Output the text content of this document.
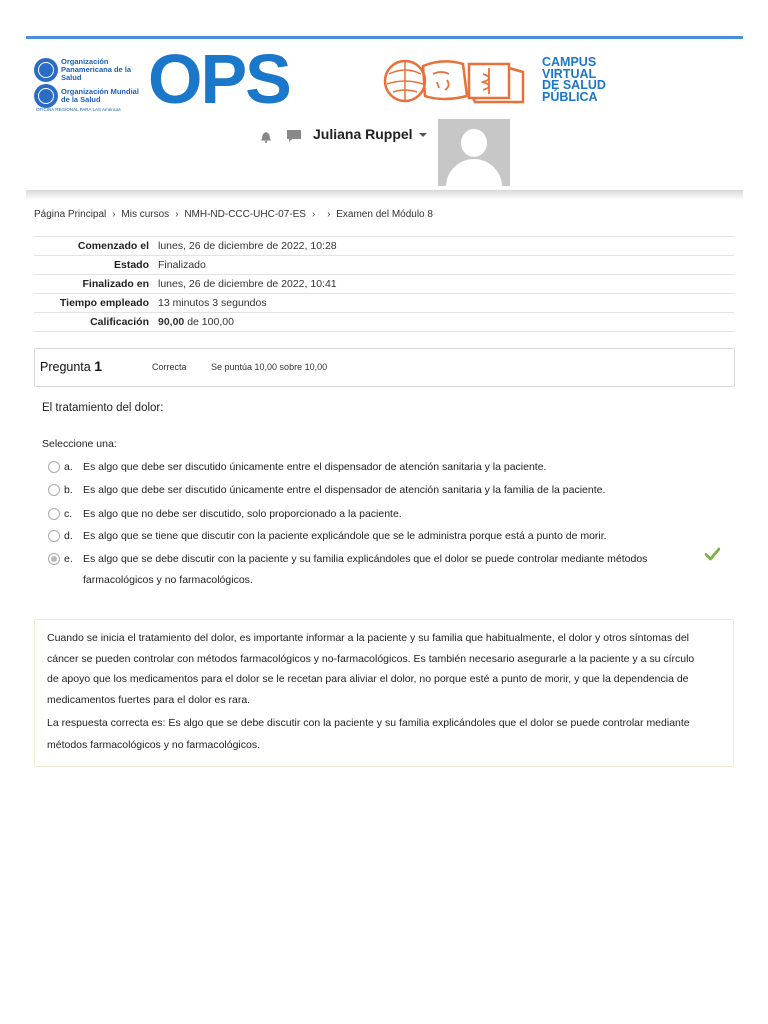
Organización Panamericana de la Salud
Organización Mundial de la Salud
OFICINA REGIONAL PARA LAS Américas OPS	CAMPUS
VIRTUAL
DE SALUD
PÚBLICA
Juliana Ruppel
Página Principal › Mis cursos › NMH-ND-CCC-UHC-07-ES › › Examen del Módulo 8
Comenzado el	lunes, 26 de diciembre de 2022, 10:28
Estado	Finalizado
Finalizado en	lunes, 26 de diciembre de 2022, 10:41
Tiempo empleado	13 minutos 3 segundos
Calificación	90,00 de 100,00
Pregunta 1	Correcta	Se puntúa 10,00 sobre 10,00
El tratamiento del dolor:
Seleccione una:
a. Es algo que debe ser discutido únicamente entre el dispensador de atención sanitaria y la paciente.
b. Es algo que debe ser discutido únicamente entre el dispensador de atención sanitaria y la familia de la paciente.
c. Es algo que no debe ser discutido, solo proporcionado a la paciente.
d. Es algo que se tiene que discutir con la paciente explicándole que se le administra porque está a punto de morir.
e. Es algo que se debe discutir con la paciente y su familia explicándoles que el dolor se puede controlar mediante métodos farmacológicos y no farmacológicos.
Cuando se inicia el tratamiento del dolor, es importante informar a la paciente y su familia que habitualmente, el dolor y otros síntomas del cáncer se pueden controlar con métodos farmacológicos y no-farmacológicos. Es también necesario asegurarle a la paciente y a su círculo de apoyo que los medicamentos para el dolor se le recetan para aliviar el dolor, no porque esté a punto de morir, y que la dependencia de medicamentos fuertes para el dolor es rara.
La respuesta correcta es: Es algo que se debe discutir con la paciente y su familia explicándoles que el dolor se puede controlar mediante métodos farmacológicos y no farmacológicos.
